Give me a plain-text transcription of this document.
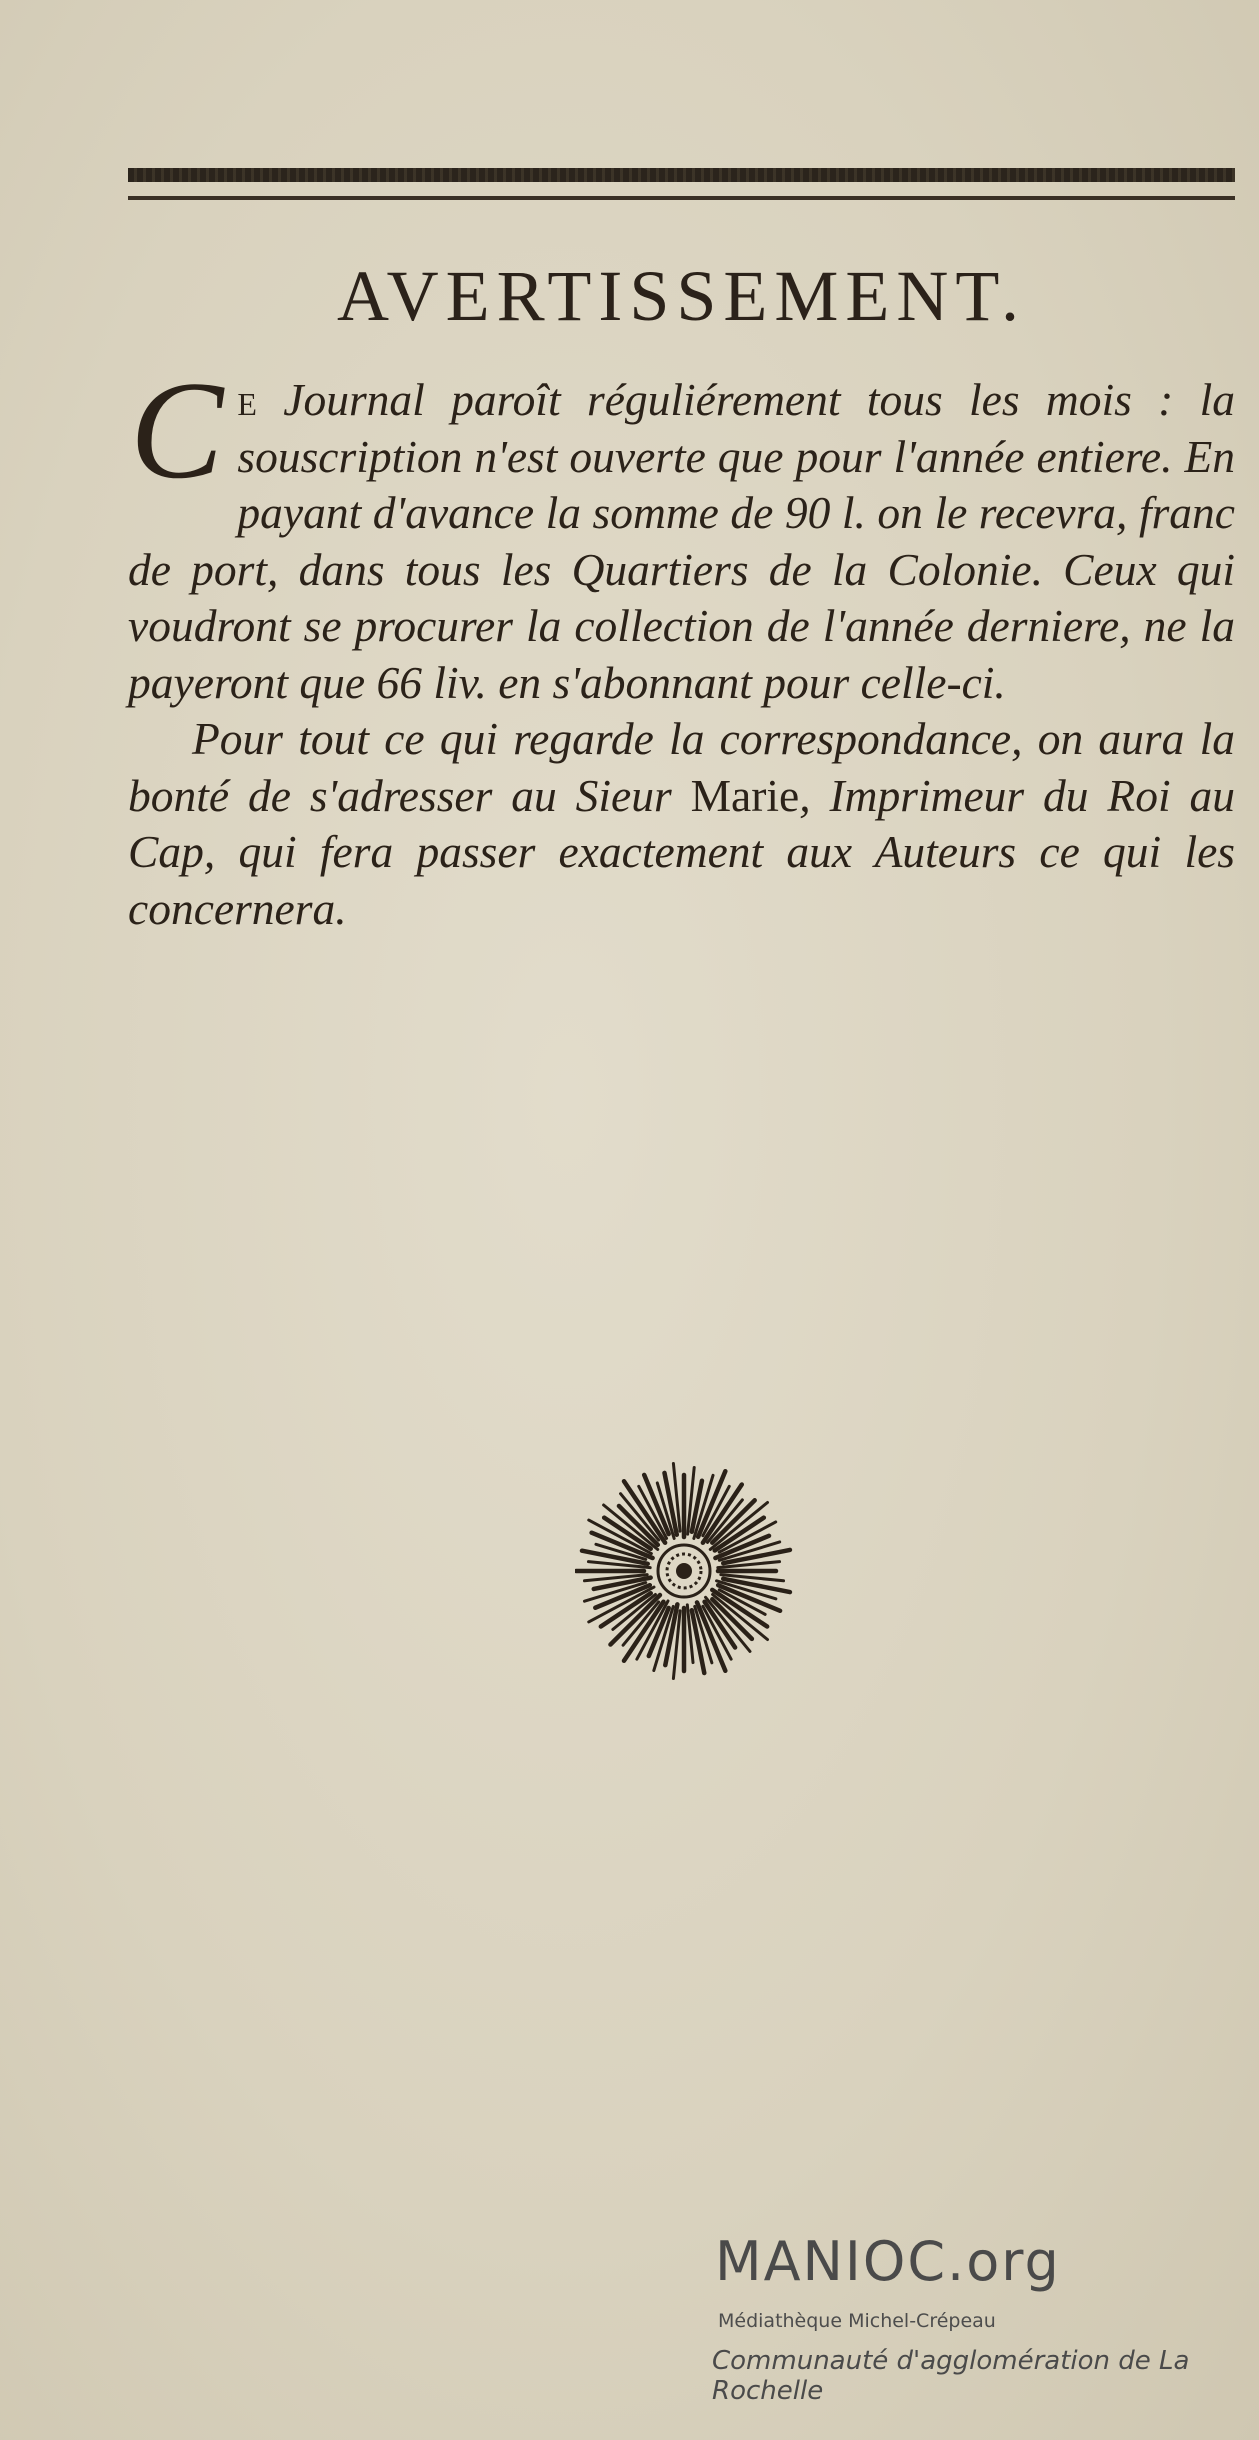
AVERTISSEMENT.

Ce Journal paroît réguliérement tous les mois : la souscription n'est ouverte que pour l'année entiere. En payant d'avance la somme de 90 l. on le recevra, franc de port, dans tous les Quartiers de la Colonie. Ceux qui voudront se procurer la collection de l'année derniere, ne la payeront que 66 liv. en s'abonnant pour celle-ci.

Pour tout ce qui regarde la correspondance, on aura la bonté de s'adresser au Sieur Marie, Imprimeur du Roi au Cap, qui fera passer exactement aux Auteurs ce qui les concernera.

MANIOC.org
Médiathèque Michel-Crépeau
Communauté d'agglomération de La Rochelle
